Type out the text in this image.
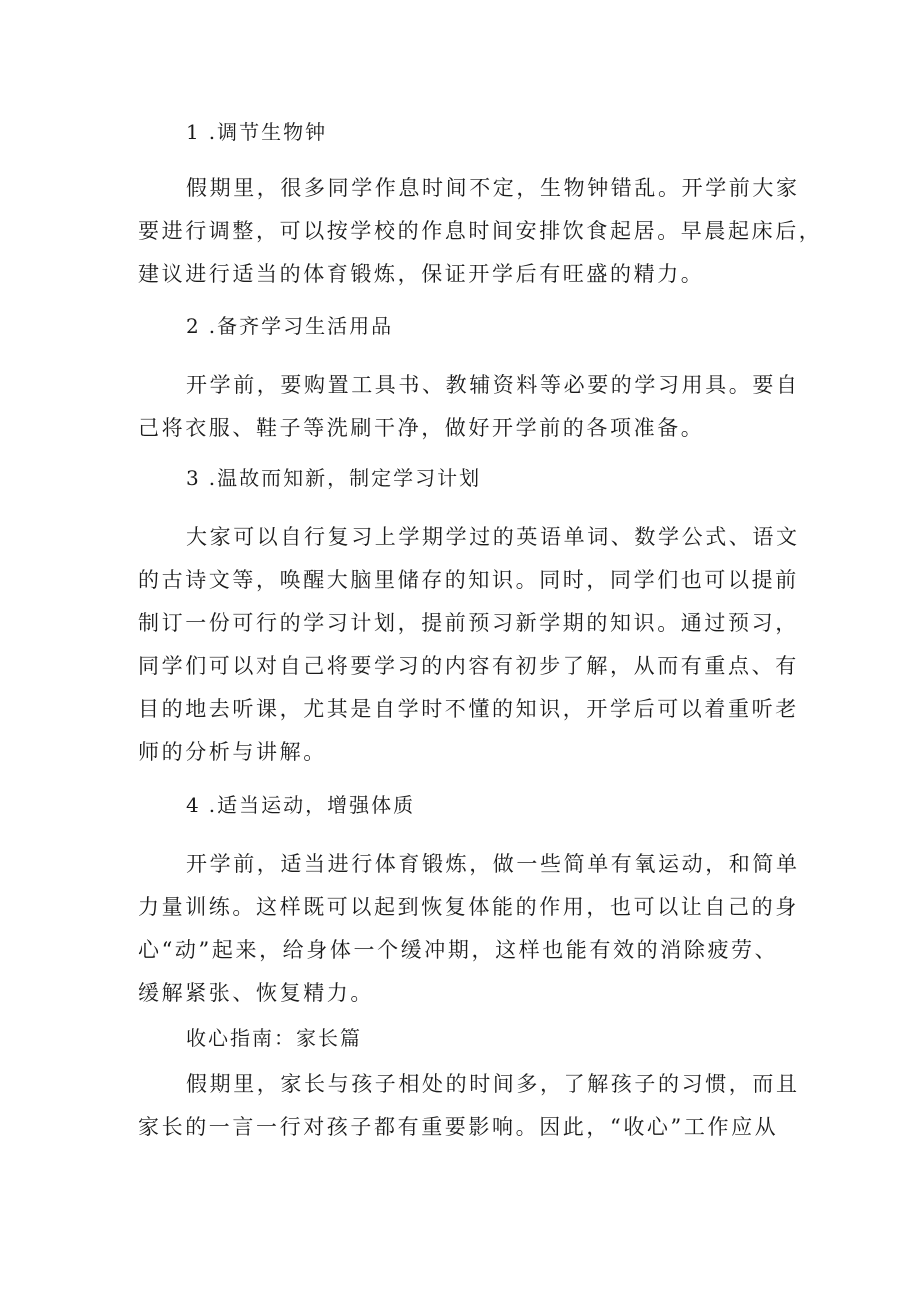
1 .调节生物钟
假期里，很多同学作息时间不定，生物钟错乱。开学前大家
要进行调整，可以按学校的作息时间安排饮食起居。早晨起床后，
建议进行适当的体育锻炼，保证开学后有旺盛的精力。
2 .备齐学习生活用品
开学前，要购置工具书、教辅资料等必要的学习用具。要自
己将衣服、鞋子等洗刷干净，做好开学前的各项准备。
3 .温故而知新，制定学习计划
大家可以自行复习上学期学过的英语单词、数学公式、语文
的古诗文等，唤醒大脑里储存的知识。同时，同学们也可以提前
制订一份可行的学习计划，提前预习新学期的知识。通过预习，
同学们可以对自己将要学习的内容有初步了解，从而有重点、有
目的地去听课，尤其是自学时不懂的知识，开学后可以着重听老
师的分析与讲解。
4 .适当运动，增强体质
开学前，适当进行体育锻炼，做一些简单有氧运动，和简单
力量训练。这样既可以起到恢复体能的作用，也可以让自己的身
心“动”起来，给身体一个缓冲期，这样也能有效的消除疲劳、
缓解紧张、恢复精力。
收心指南：家长篇
假期里，家长与孩子相处的时间多，了解孩子的习惯，而且
家长的一言一行对孩子都有重要影响。因此，“收心”工作应从
